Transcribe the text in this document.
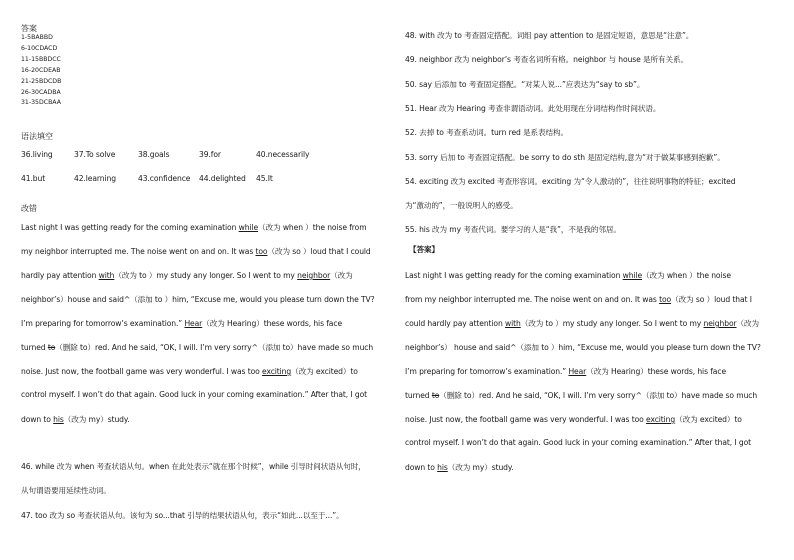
答案
1-5BABBD
6-10CDACD
11-15BBDCC
16-20CDEAB
21-25BDCDB
26-30CADBA
31-35DCBAA
语法填空
36.living	37.To solve	38.goals	39.for	40.necessarily
41.but	42.learning	43.confidence 44.delighted 45.It
改错
Last night I was getting ready for the coming examination while（改为 when ）the noise from
my neighbor interrupted me. The noise went on and on. It was too（改为 so ）loud that I could
hardly pay attention with（改为 to ）my study any longer. So I went to my neighbor（改为
neighbor’s）house and said^（添加 to ）him, “Excuse me, would you please turn down the TV?
I’m preparing for tomorrow’s examination.” Hear（改为 Hearing）these words, his face
turned to（删除 to）red. And he said, “OK, I will. I’m very sorry^（添加 to）have made so much
noise. Just now, the football game was very wonderful. I was too exciting（改为 excited）to
control myself. I won’t do that again. Good luck in your coming examination.” After that, I got
down to his（改为 my）study.
46. while 改为 when 考查状语从句。when 在此处表示“就在那个时候”，while 引导时间状语从句时，
从句谓语要用延续性动词。
47. too 改为 so 考查状语从句。该句为 so...that 引导的结果状语从句，表示“如此...以至于...”。
48. with 改为 to 考查固定搭配。词组 pay attention to 是固定短语，意思是“注意”。
49. neighbor 改为 neighbor’s 考查名词所有格。neighbor 与 house 是所有关系。
50. say 后添加 to 考查固定搭配。“对某人说...”应表达为“say to sb”。
51. Hear 改为 Hearing 考查非谓语动词。此处用现在分词结构作时间状语。
52. 去掉 to 考查系动词。turn red 是系表结构。
53. sorry 后加 to 考查固定搭配。be sorry to do sth 是固定结构,意为“对于做某事感到抱歉”。
54. exciting 改为 excited 考查形容词。exciting 为“令人激动的”，往往说明事物的特征；excited
为“激动的”，一般说明人的感受。
55. his 改为 my 考查代词。要学习的人是“我”，不是我的邻居。
【答案】
Last night I was getting ready for the coming examination while（改为 when ）the noise
from my neighbor interrupted me. The noise went on and on. It was too（改为 so ）loud that I
could hardly pay attention with（改为 to ）my study any longer. So I went to my neighbor（改为
neighbor’s） house and said^（添加 to ）him, “Excuse me, would you please turn down the TV?
I’m preparing for tomorrow’s examination.” Hear（改为 Hearing）these words, his face
turned to（删除 to）red. And he said, “OK, I will. I’m very sorry^（添加 to）have made so much
noise. Just now, the football game was very wonderful. I was too exciting（改为 excited）to
control myself. I won’t do that again. Good luck in your coming examination.” After that, I got
down to his（改为 my）study.
